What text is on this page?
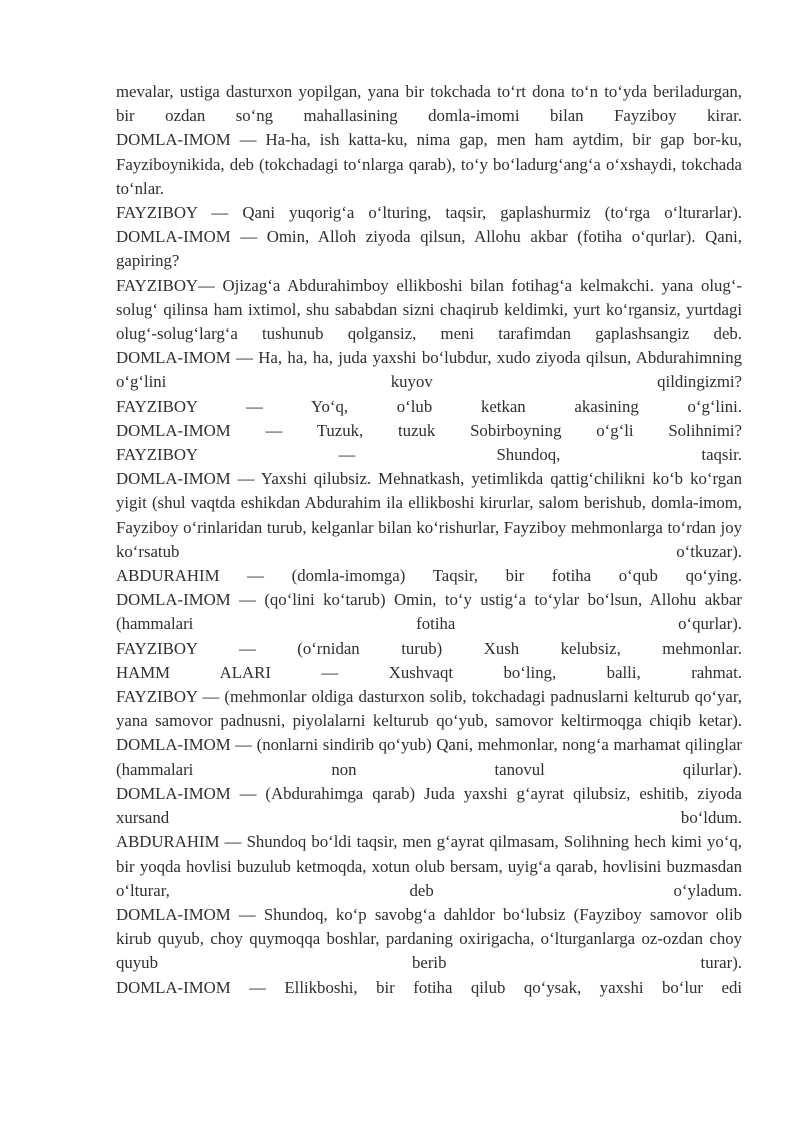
mevalar, ustiga dasturxon yopilgan, yana bir tokchada to‘rt dona to‘n to‘yda beriladurgan, bir ozdan so‘ng mahallasining domla-imomi bilan Fayziboy kirar.

DOMLA-IMOM — Ha-ha, ish katta-ku, nima gap, men ham aytdim, bir gap bor-ku, Fayziboynikida, deb (tokchadagi to‘nlarga qarab), to‘y bo‘ladurg‘ang‘a o‘xshaydi, tokchada to‘nlar.

FAYZIBOY — Qani yuqorig‘a o‘lturing, taqsir, gaplashurmiz (to‘rga o‘lturarlar).

DOMLA-IMOM — Omin, Alloh ziyoda qilsun, Allohu akbar (fotiha o‘qurlar). Qani, gapiring?

FAYZIBOY— Ojizag‘a Abdurahimboy ellikboshi bilan fotihag‘a kelmakchi. yana olug‘-solug‘ qilinsa ham ixtimol, shu sababdan sizni chaqirub keldimki, yurt ko‘rgansiz, yurtdagi olug‘-solug‘larg‘a tushunub qolgansiz, meni tarafimdan gaplashsangiz deb.

DOMLA-IMOM — Ha, ha, ha, juda yaxshi bo‘lubdur, xudo ziyoda qilsun, Abdurahimning o‘g‘lini kuyov qildingizmi?

FAYZIBOY — Yo‘q, o‘lub ketkan akasining o‘g‘lini.

DOMLA-IMOM — Tuzuk, tuzuk Sobirboyning o‘g‘li Solihnimi?

FAYZIBOY — Shundoq, taqsir.

DOMLA-IMOM — Yaxshi qilubsiz. Mehnatkash, yetimlikda qattig‘chilikni ko‘b ko‘rgan yigit (shul vaqtda eshikdan Abdurahim ila ellikboshi kirurlar, salom berishub, domla-imom, Fayziboy o‘rinlaridan turub, kelganlar bilan ko‘rishurlar, Fayziboy mehmonlarga to‘rdan joy ko‘rsatub o‘tkuzar).

ABDURAHIM — (domla-imomga) Taqsir, bir fotiha o‘qub qo‘ying.

DOMLA-IMOM — (qo‘lini ko‘tarub) Omin, to‘y ustig‘a to‘ylar bo‘lsun, Allohu akbar (hammalari fotiha o‘qurlar).

FAYZIBOY — (o‘rnidan turub) Xush kelubsiz, mehmonlar.

HAMM ALARI — Xushvaqt bo‘ling, balli, rahmat.

FAYZIBOY — (mehmonlar oldiga dasturxon solib, tokchadagi padnuslarni kelturub qo‘yar, yana samovor padnusni, piyolalarni kelturub qo‘yub, samovor keltirmoqga chiqib ketar).

DOMLA-IMOM — (nonlarni sindirib qo‘yub) Qani, mehmonlar, nong‘a marhamat qilinglar (hammalari non tanovul qilurlar).

DOMLA-IMOM — (Abdurahimga qarab) Juda yaxshi g‘ayrat qilubsiz, eshitib, ziyoda xursand bo‘ldum.

ABDURAHIM — Shundoq bo‘ldi taqsir, men g‘ayrat qilmasam, Solihning hech kimi yo‘q, bir yoqda hovlisi buzulub ketmoqda, xotun olub bersam, uyig‘a qarab, hovlisini buzmasdan o‘lturar, deb o‘yladum.

DOMLA-IMOM — Shundoq, ko‘p savobg‘a dahldor bo‘lubsiz (Fayziboy samovor olib kirub quyub, choy quymoqqa boshlar, pardaning oxirigacha, o‘lturganlarga oz-ozdan choy quyub berib turar).

DOMLA-IMOM — Ellikboshi, bir fotiha qilub qo‘ysak, yaxshi bo‘lur edi
